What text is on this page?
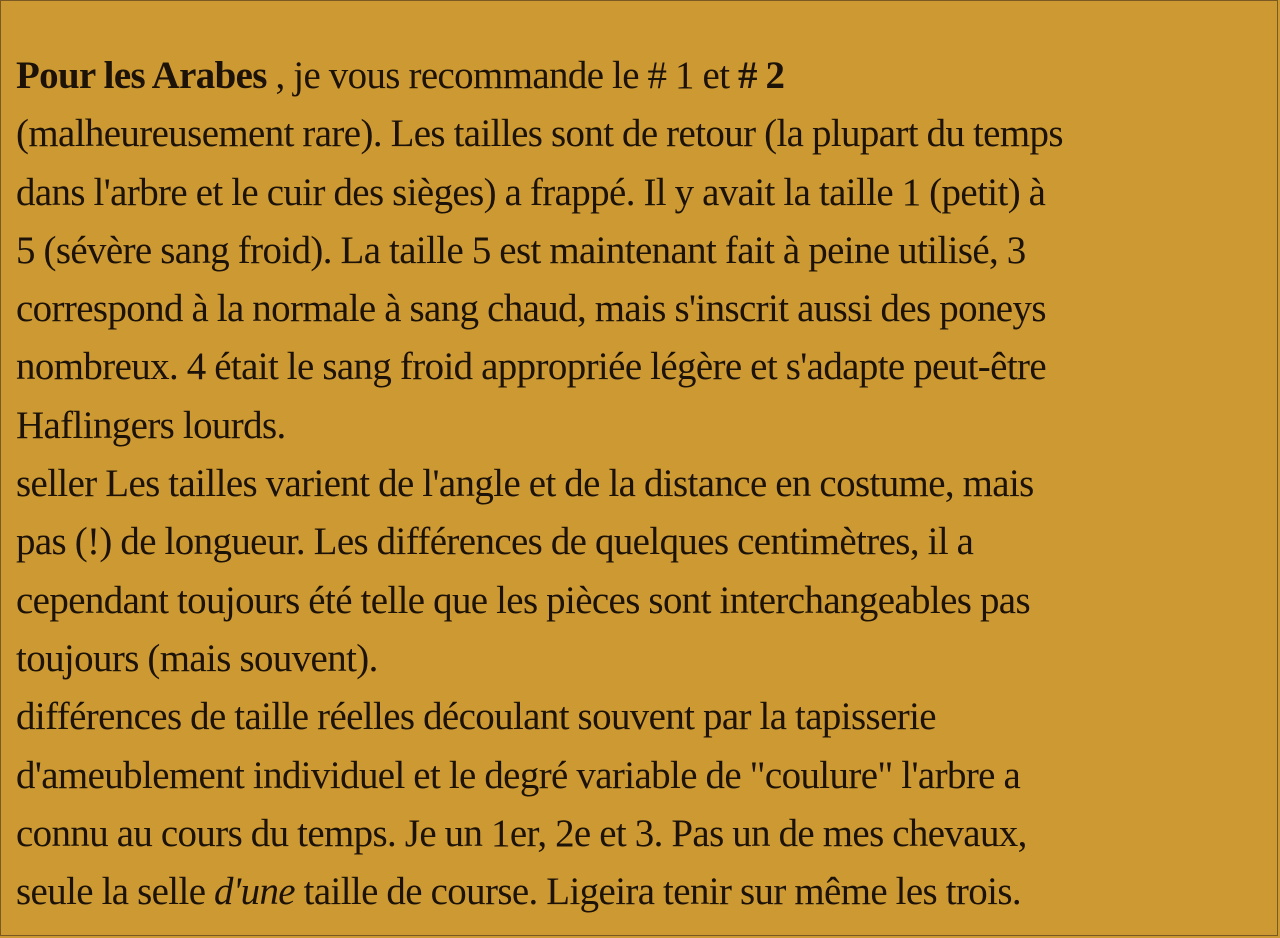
Pour les Arabes , je vous recommande le # 1 et # 2
(malheureusement rare). Les tailles sont de retour (la plupart du temps
dans l'arbre et le cuir des sièges) a frappé. Il y avait la taille 1 (petit) à
5 (sévère sang froid). La taille 5 est maintenant fait à peine utilisé, 3
correspond à la normale à sang chaud, mais s'inscrit aussi des poneys
nombreux. 4 était le sang froid appropriée légère et s'adapte peut-être
Haflingers lourds.
seller Les tailles varient de l'angle et de la distance en costume, mais
pas (!) de longueur. Les différences de quelques centimètres, il a
cependant toujours été telle que les pièces sont interchangeables pas
toujours (mais souvent).
différences de taille réelles découlant souvent par la tapisserie
d'ameublement individuel et le degré variable de "coulure" l'arbre a
connu au cours du temps. Je un 1er, 2e et 3. Pas un de mes chevaux,
seule la selle d'une taille de course. Ligeira tenir sur même les trois.
